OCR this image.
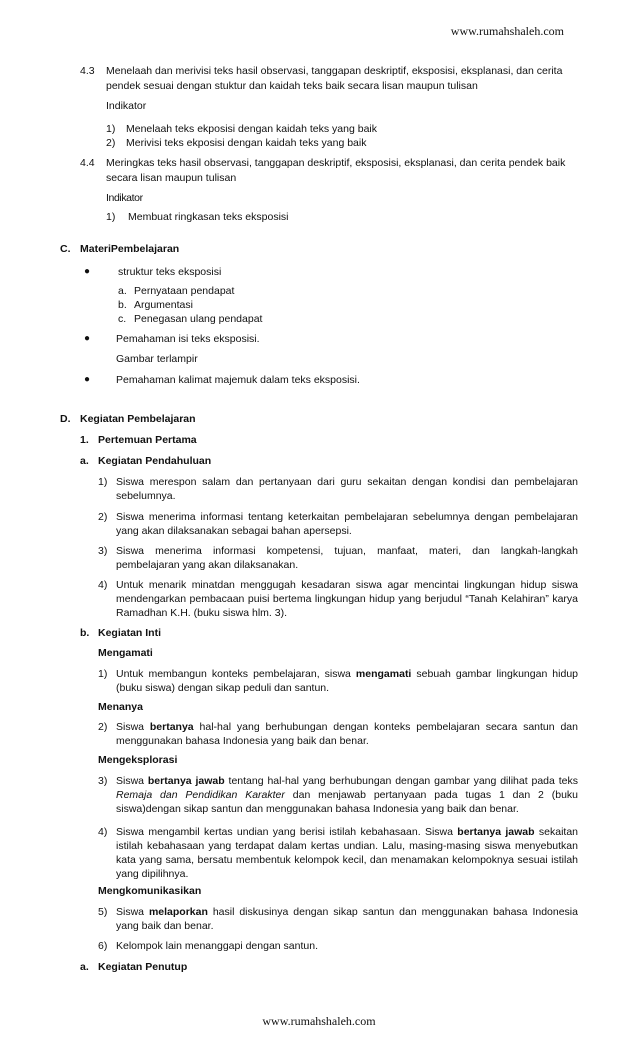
www.rumahshaleh.com
4.3 Menelaah dan merivisi teks hasil observasi, tanggapan deskriptif, eksposisi, eksplanasi, dan cerita
pendek sesuai dengan stuktur dan kaidah teks baik secara lisan maupun tulisan
Indikator
1) Menelaah teks ekposisi dengan kaidah teks yang baik
2) Merivisi teks ekposisi dengan kaidah teks yang baik
4.4 Meringkas teks hasil observasi, tanggapan deskriptif, eksposisi, eksplanasi, dan cerita pendek baik
secara lisan maupun tulisan
Indikator
1) Membuat ringkasan teks eksposisi
C. MateriPembelajaran
●	struktur teks eksposisi
a. Pernyataan pendapat
b. Argumentasi
c. Penegasan ulang pendapat
● Pemahaman isi teks eksposisi.
Gambar terlampir
● Pemahaman kalimat majemuk dalam teks eksposisi.
D. Kegiatan Pembelajaran
1. Pertemuan Pertama
a. Kegiatan Pendahuluan
1) Siswa merespon salam dan pertanyaan dari guru sekaitan dengan kondisi dan pembelajaran sebelumnya.
2) Siswa menerima informasi tentang keterkaitan pembelajaran sebelumnya dengan pembelajaran yang akan dilaksanakan sebagai bahan apersepsi.
3) Siswa menerima informasi kompetensi, tujuan, manfaat, materi, dan langkah-langkah pembelajaran yang akan dilaksanakan.
4) Untuk menarik minatdan menggugah kesadaran siswa agar mencintai lingkungan hidup siswa mendengarkan pembacaan puisi bertema lingkungan hidup yang berjudul “Tanah Kelahiran” karya Ramadhan K.H. (buku siswa hlm. 3).
b. Kegiatan Inti
Mengamati
1) Untuk membangun konteks pembelajaran, siswa mengamati sebuah gambar lingkungan hidup (buku siswa) dengan sikap peduli dan santun.
Menanya
2) Siswa bertanya hal-hal yang berhubungan dengan konteks pembelajaran secara santun dan menggunakan bahasa Indonesia yang baik dan benar.
Mengeksplorasi
3) Siswa bertanya jawab tentang hal-hal yang berhubungan dengan gambar yang dilihat pada teks Remaja dan Pendidikan Karakter dan menjawab pertanyaan pada tugas 1 dan 2 (buku siswa)dengan sikap santun dan menggunakan bahasa Indonesia yang baik dan benar.
4) Siswa mengambil kertas undian yang berisi istilah kebahasaan. Siswa bertanya jawab sekaitan istilah kebahasaan yang terdapat dalam kertas undian. Lalu, masing-masing siswa menyebutkan kata yang sama, bersatu membentuk kelompok kecil, dan menamakan kelompoknya sesuai istilah yang dipilihnya.
Mengkomunikasikan
5) Siswa melaporkan hasil diskusinya dengan sikap santun dan menggunakan bahasa Indonesia yang baik dan benar.
6) Kelompok lain menanggapi dengan santun.
a. Kegiatan Penutup
www.rumahshaleh.com
